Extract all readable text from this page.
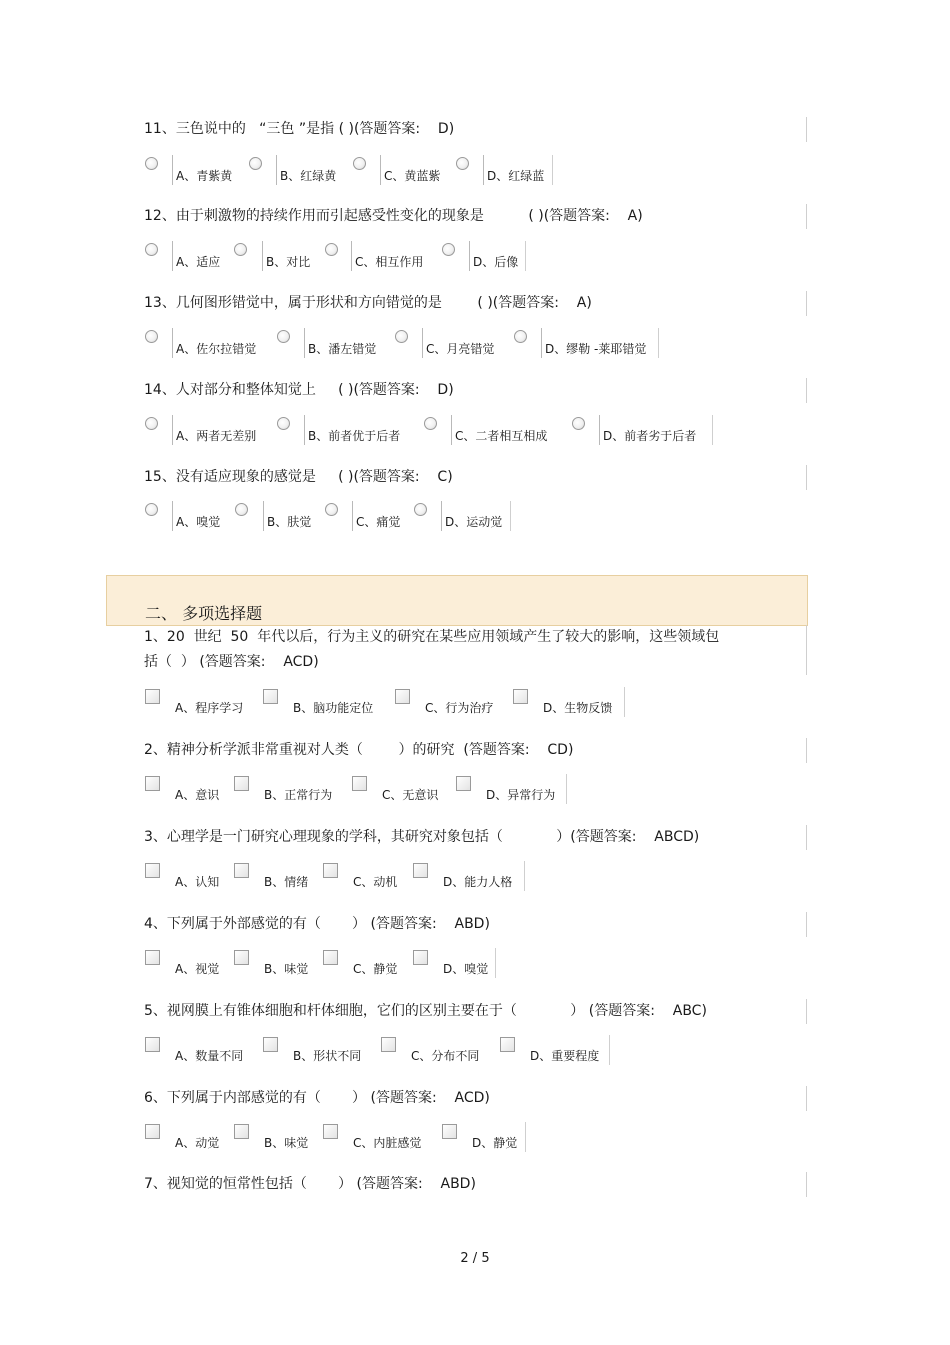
11、三色说中的   “三色 ”是指 ( )(答题答案:    D)
A、青紫黄	B、红绿黄	C、黄蓝紫	D、红绿蓝
12、由于刺激物的持续作用而引起感受性变化的现象是          ( )(答题答案:    A)
A、适应	B、对比	C、相互作用	D、后像
13、几何图形错觉中，属于形状和方向错觉的是        ( )(答题答案:    A)
A、佐尔拉错觉	B、潘左错觉	C、月亮错觉	D、缪勒 -莱耶错觉
14、人对部分和整体知觉上     ( )(答题答案:    D)
A、两者无差别	B、前者优于后者	C、二者相互相成	D、前者劣于后者
15、没有适应现象的感觉是     ( )(答题答案:    C)
A、嗅觉	B、肤觉	C、痛觉	D、运动觉
二、 多项选择题
1、20  世纪  50  年代以后，行为主义的研究在某些应用领域产生了较大的影响，这些领域包
括（  ） (答题答案:    ACD)
A、程序学习	B、脑功能定位	C、行为治疗	D、生物反馈
2、精神分析学派非常重视对人类（        ）的研究  (答题答案:    CD)
A、意识	B、正常行为	C、无意识	D、异常行为
3、心理学是一门研究心理现象的学科，其研究对象包括（            ）(答题答案:    ABCD)
A、认知	B、情绪	C、动机	D、能力人格
4、下列属于外部感觉的有（       ） (答题答案:    ABD)
A、视觉	B、味觉	C、静觉	D、嗅觉
5、视网膜上有锥体细胞和杆体细胞，它们的区别主要在于（            ） (答题答案:    ABC)
A、数量不同	B、形状不同	C、分布不同	D、重要程度
6、下列属于内部感觉的有（       ） (答题答案:    ACD)
A、动觉	B、味觉	C、内脏感觉	D、静觉
7、视知觉的恒常性包括（       ） (答题答案:    ABD)
2 / 5
